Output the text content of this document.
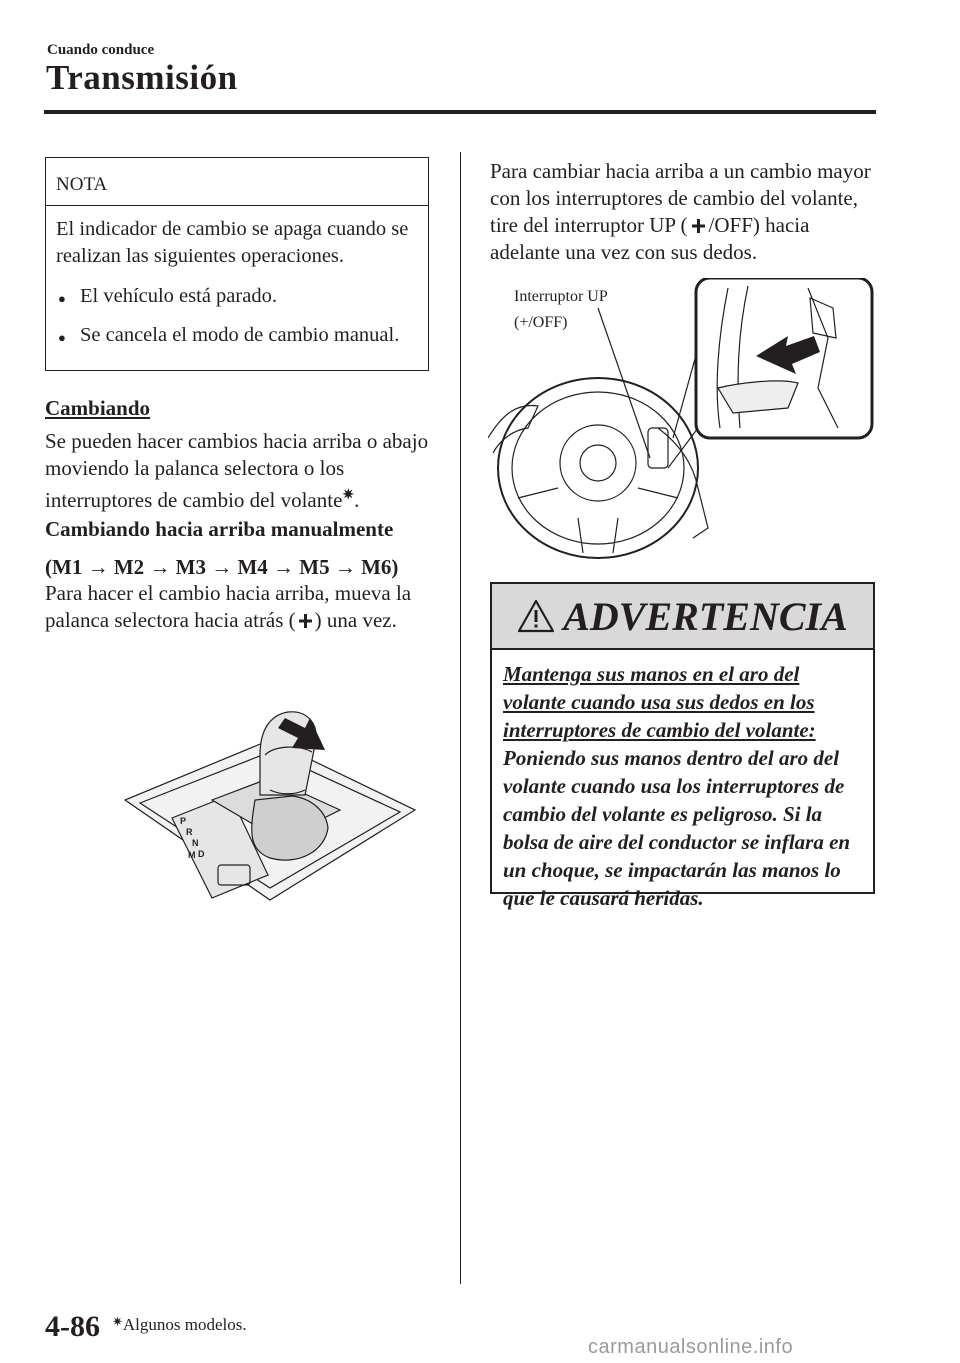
Cuando conduce
Transmisión
NOTA

El indicador de cambio se apaga cuando se realizan las siguientes operaciones.

● El vehículo está parado.
● Se cancela el modo de cambio manual.
Cambiando
Se pueden hacer cambios hacia arriba o abajo moviendo la palanca selectora o los interruptores de cambio del volante✷.
Cambiando hacia arriba manualmente
(M1 → M2 → M3 → M4 → M5 → M6)
Para hacer el cambio hacia arriba, mueva la palanca selectora hacia atrás ( ) una vez.
P
R
N
D
M
Para cambiar hacia arriba a un cambio mayor con los interruptores de cambio del volante, tire del interruptor UP ( /OFF) hacia adelante una vez con sus dedos.
Interruptor UP
(+/OFF)
ADVERTENCIA
Mantenga sus manos en el aro del volante cuando usa sus dedos en los interruptores de cambio del volante:
Poniendo sus manos dentro del aro del volante cuando usa los interruptores de cambio del volante es peligroso. Si la bolsa de aire del conductor se inflara en un choque, se impactarán las manos lo que le causará heridas.
4-86 ✷Algunos modelos.
carmanualsonline.info
